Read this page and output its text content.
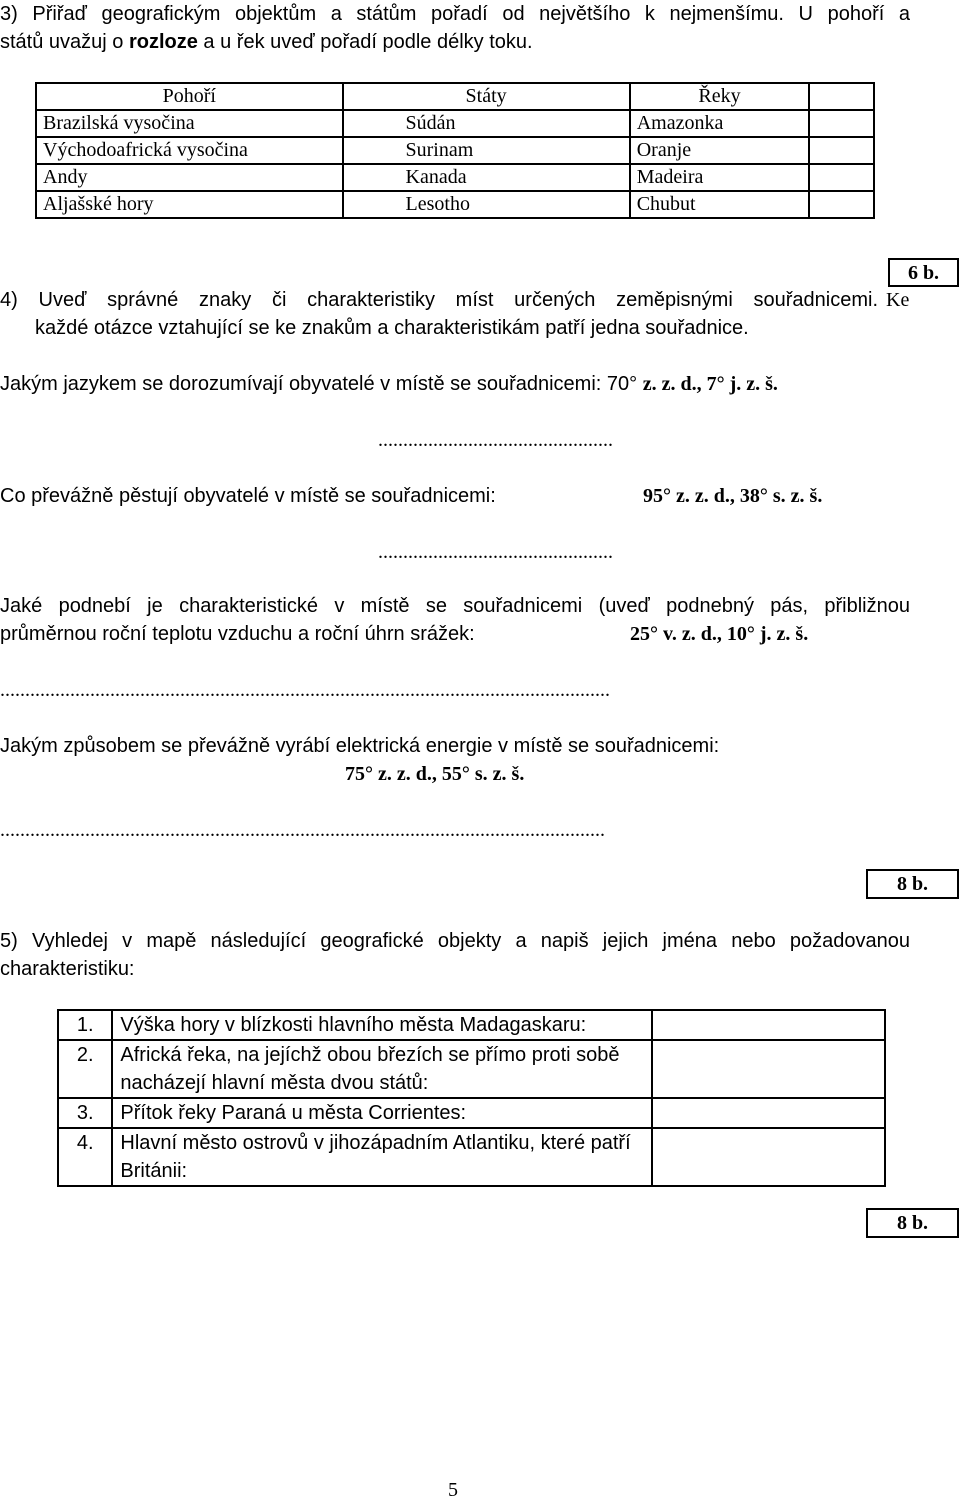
3) Přiřaď geografickým objektům a státům pořadí od největšího k nejmenšímu. U pohoří a
států uvažuj o rozloze a u řek uveď pořadí podle délky toku.
Pohoří	Státy	Řeky	
Brazilská vysočina	Súdán	Amazonka	
Východoafrická vysočina	Surinam	Oranje	
Andy	Kanada	Madeira	
Aljašské hory	Lesotho	Chubut	
6 b.
4) Uveď správné znaky či charakteristiky míst určených zeměpisnými souřadnicemi. Ke
každé otázce vztahující se ke znakům a charakteristikám patří jedna souřadnice.
Jakým jazykem se dorozumívají obyvatelé v místě se souřadnicemi: 70° z. z. d., 7° j. z. š.
...............................................
Co převážně pěstují obyvatelé v místě se souřadnicemi:	95° z. z. d., 38° s. z. š.
...............................................
Jaké podnebí je charakteristické v místě se souřadnicemi (uveď podnebný pás, přibližnou
průměrnou roční teplotu vzduchu a roční úhrn srážek:	25° v. z. d., 10° j. z. š.
..........................................................................................................................
Jakým způsobem se převážně vyrábí elektrická energie v místě se souřadnicemi:
75° z. z. d., 55° s. z. š.
.........................................................................................................................
8 b.
5) Vyhledej v mapě následující geografické objekty a napiš jejich jména nebo požadovanou
charakteristiku:
1.	Výška hory v blízkosti hlavního města Madagaskaru:	
2.	Africká řeka, na jejíchž obou březích se přímo proti sobě nacházejí hlavní města dvou států:	
3.	Přítok řeky Paraná u města Corrientes:	
4.	Hlavní město ostrovů v jihozápadním Atlantiku, které patří Británii:	
8 b.
5
